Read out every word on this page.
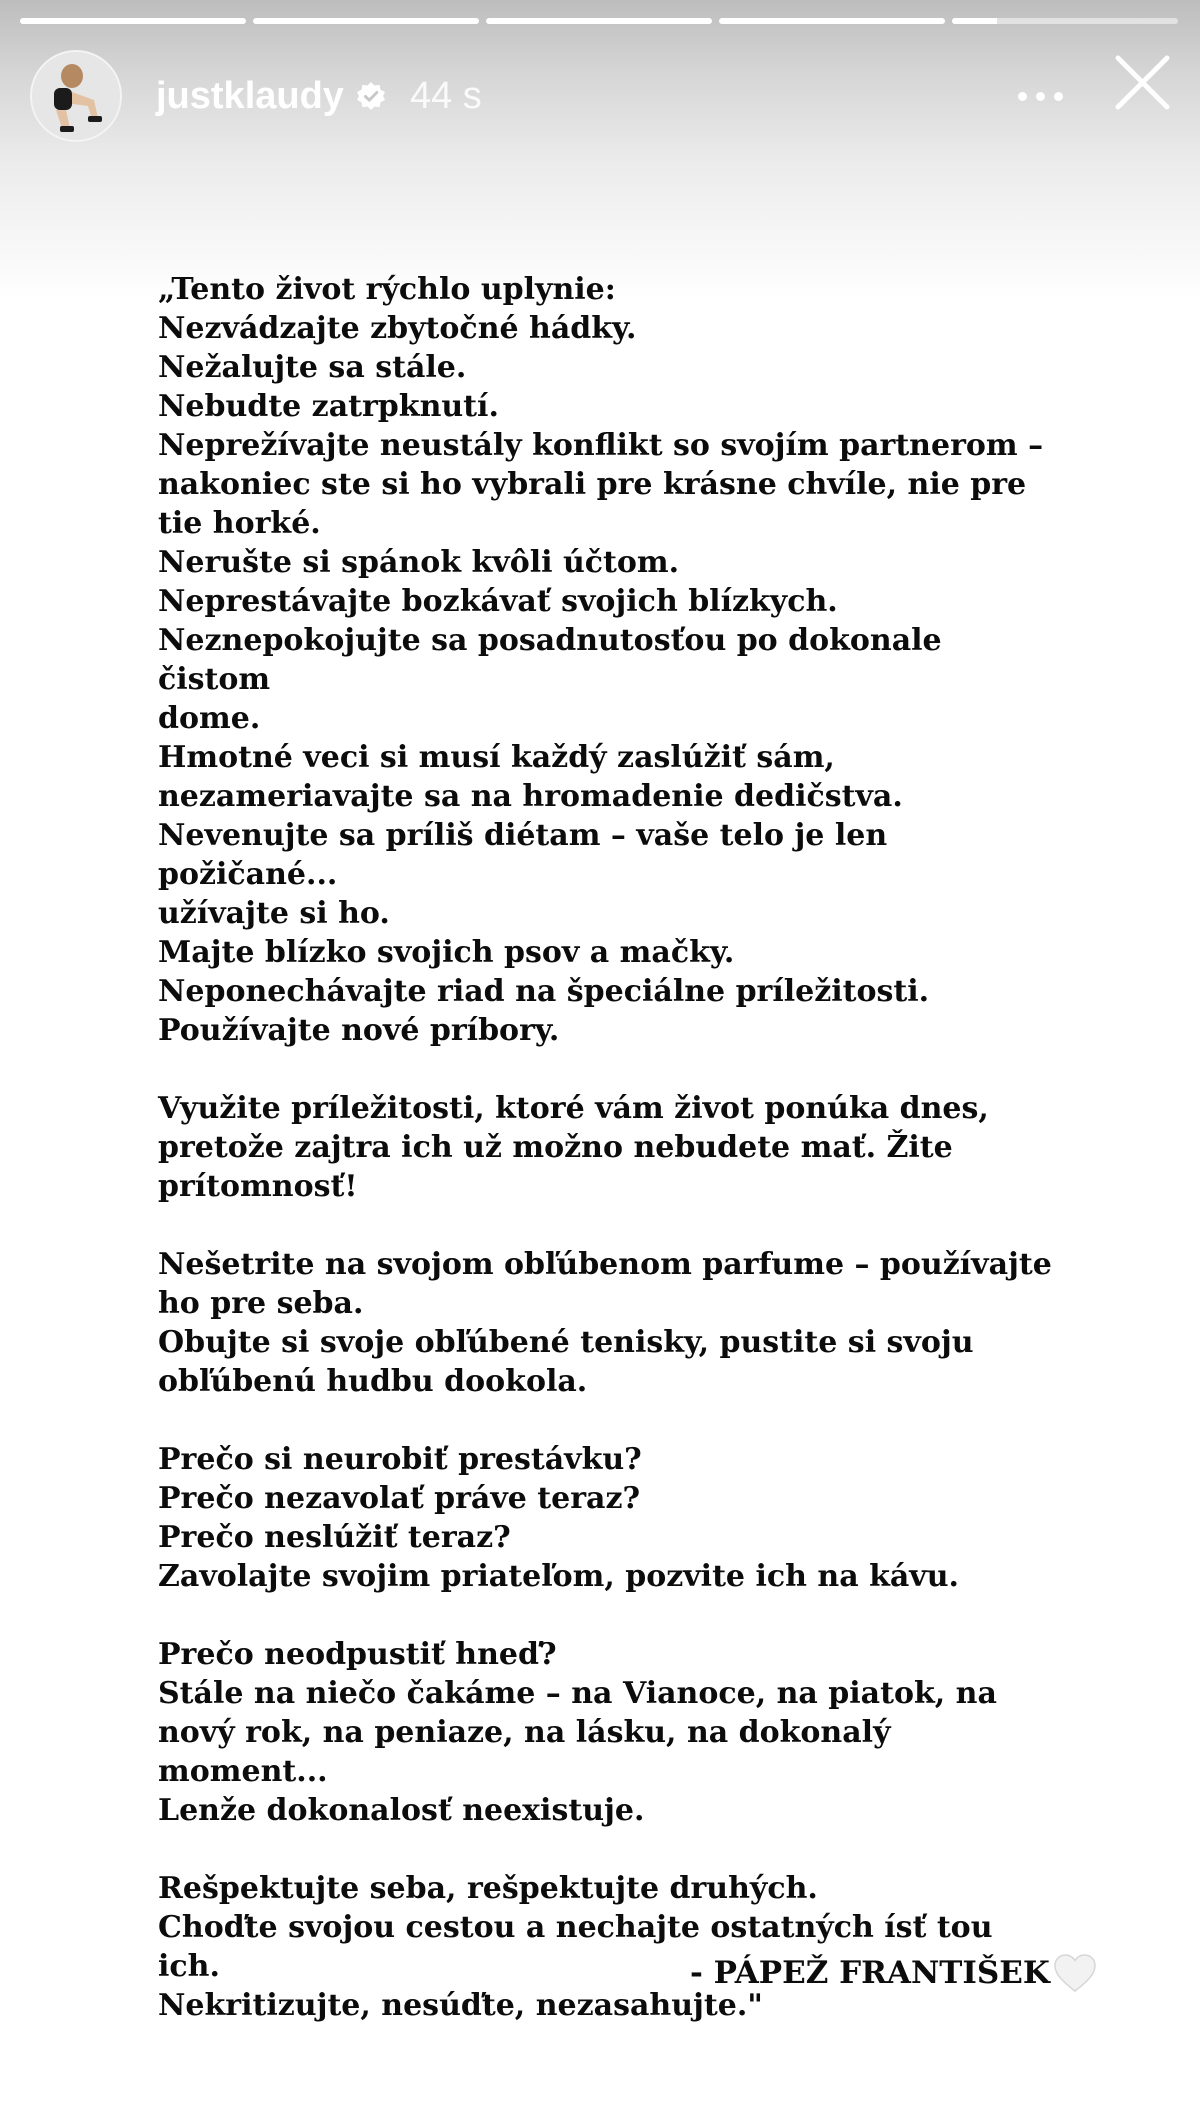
justklaudy 44 s
„Tento život rýchlo uplynie:
Nezvádzajte zbytočné hádky.
Nežalujte sa stále.
Nebudte zatrpknutí.
Neprežívajte neustály konflikt so svojím partnerom –
nakoniec ste si ho vybrali pre krásne chvíle, nie pre
tie horké.
Nerušte si spánok kvôli účtom.
Neprestávajte bozkávať svojich blízkych.
Neznepokojujte sa posadnutosťou po dokonale čistom
dome.
Hmotné veci si musí každý zaslúžiť sám,
nezameriavajte sa na hromadenie dedičstva.
Nevenujte sa príliš diétam – vaše telo je len požičané...
užívajte si ho.
Majte blízko svojich psov a mačky.
Neponechávajte riad na špeciálne príležitosti.
Používajte nové príbory.

Využite príležitosti, ktoré vám život ponúka dnes,
pretože zajtra ich už možno nebudete mať. Žite
prítomnosť!

Nešetrite na svojom obľúbenom parfume – používajte
ho pre seba.
Obujte si svoje obľúbené tenisky, pustite si svoju
obľúbenú hudbu dookola.

Prečo si neurobiť prestávku?
Prečo nezavolať práve teraz?
Prečo neslúžiť teraz?
Zavolajte svojim priateľom, pozvite ich na kávu.

Prečo neodpustiť hneď?
Stále na niečo čakáme – na Vianoce, na piatok, na
nový rok, na peniaze, na lásku, na dokonalý moment...
Lenže dokonalosť neexistuje.

Rešpektujte seba, rešpektujte druhých.
Choďte svojou cestou a nechajte ostatných ísť tou ich.
Nekritizujte, nesúďte, nezasahujte."
- PÁPEŽ FRANTIŠEK
